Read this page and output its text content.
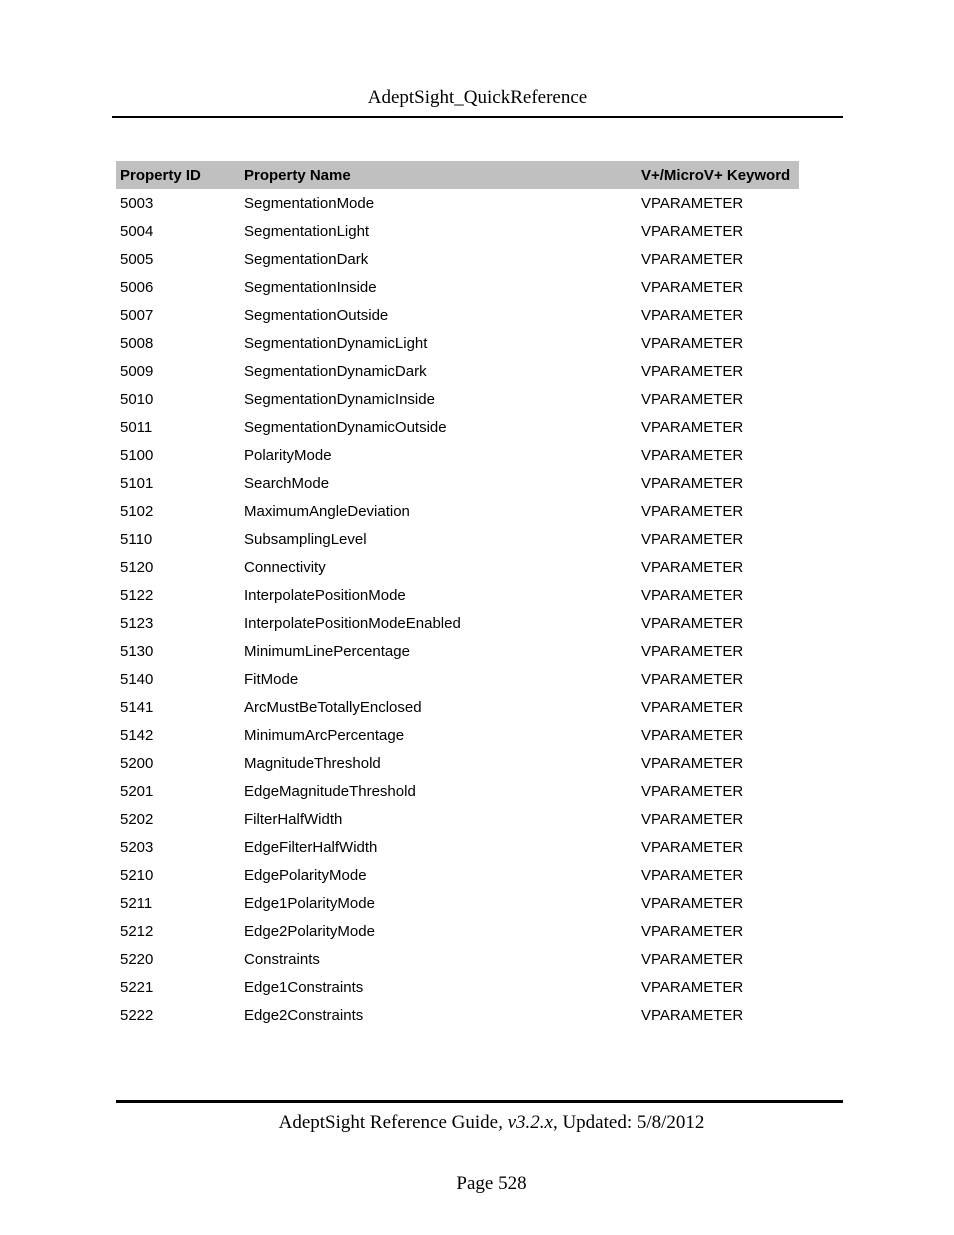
AdeptSight_QuickReference
Property ID	Property Name	V+/MicroV+ Keyword
5003	SegmentationMode	VPARAMETER
5004	SegmentationLight	VPARAMETER
5005	SegmentationDark	VPARAMETER
5006	SegmentationInside	VPARAMETER
5007	SegmentationOutside	VPARAMETER
5008	SegmentationDynamicLight	VPARAMETER
5009	SegmentationDynamicDark	VPARAMETER
5010	SegmentationDynamicInside	VPARAMETER
5011	SegmentationDynamicOutside	VPARAMETER
5100	PolarityMode	VPARAMETER
5101	SearchMode	VPARAMETER
5102	MaximumAngleDeviation	VPARAMETER
5110	SubsamplingLevel	VPARAMETER
5120	Connectivity	VPARAMETER
5122	InterpolatePositionMode	VPARAMETER
5123	InterpolatePositionModeEnabled	VPARAMETER
5130	MinimumLinePercentage	VPARAMETER
5140	FitMode	VPARAMETER
5141	ArcMustBeTotallyEnclosed	VPARAMETER
5142	MinimumArcPercentage	VPARAMETER
5200	MagnitudeThreshold	VPARAMETER
5201	EdgeMagnitudeThreshold	VPARAMETER
5202	FilterHalfWidth	VPARAMETER
5203	EdgeFilterHalfWidth	VPARAMETER
5210	EdgePolarityMode	VPARAMETER
5211	Edge1PolarityMode	VPARAMETER
5212	Edge2PolarityMode	VPARAMETER
5220	Constraints	VPARAMETER
5221	Edge1Constraints	VPARAMETER
5222	Edge2Constraints	VPARAMETER
AdeptSight Reference Guide, v3.2.x, Updated: 5/8/2012
Page 528
